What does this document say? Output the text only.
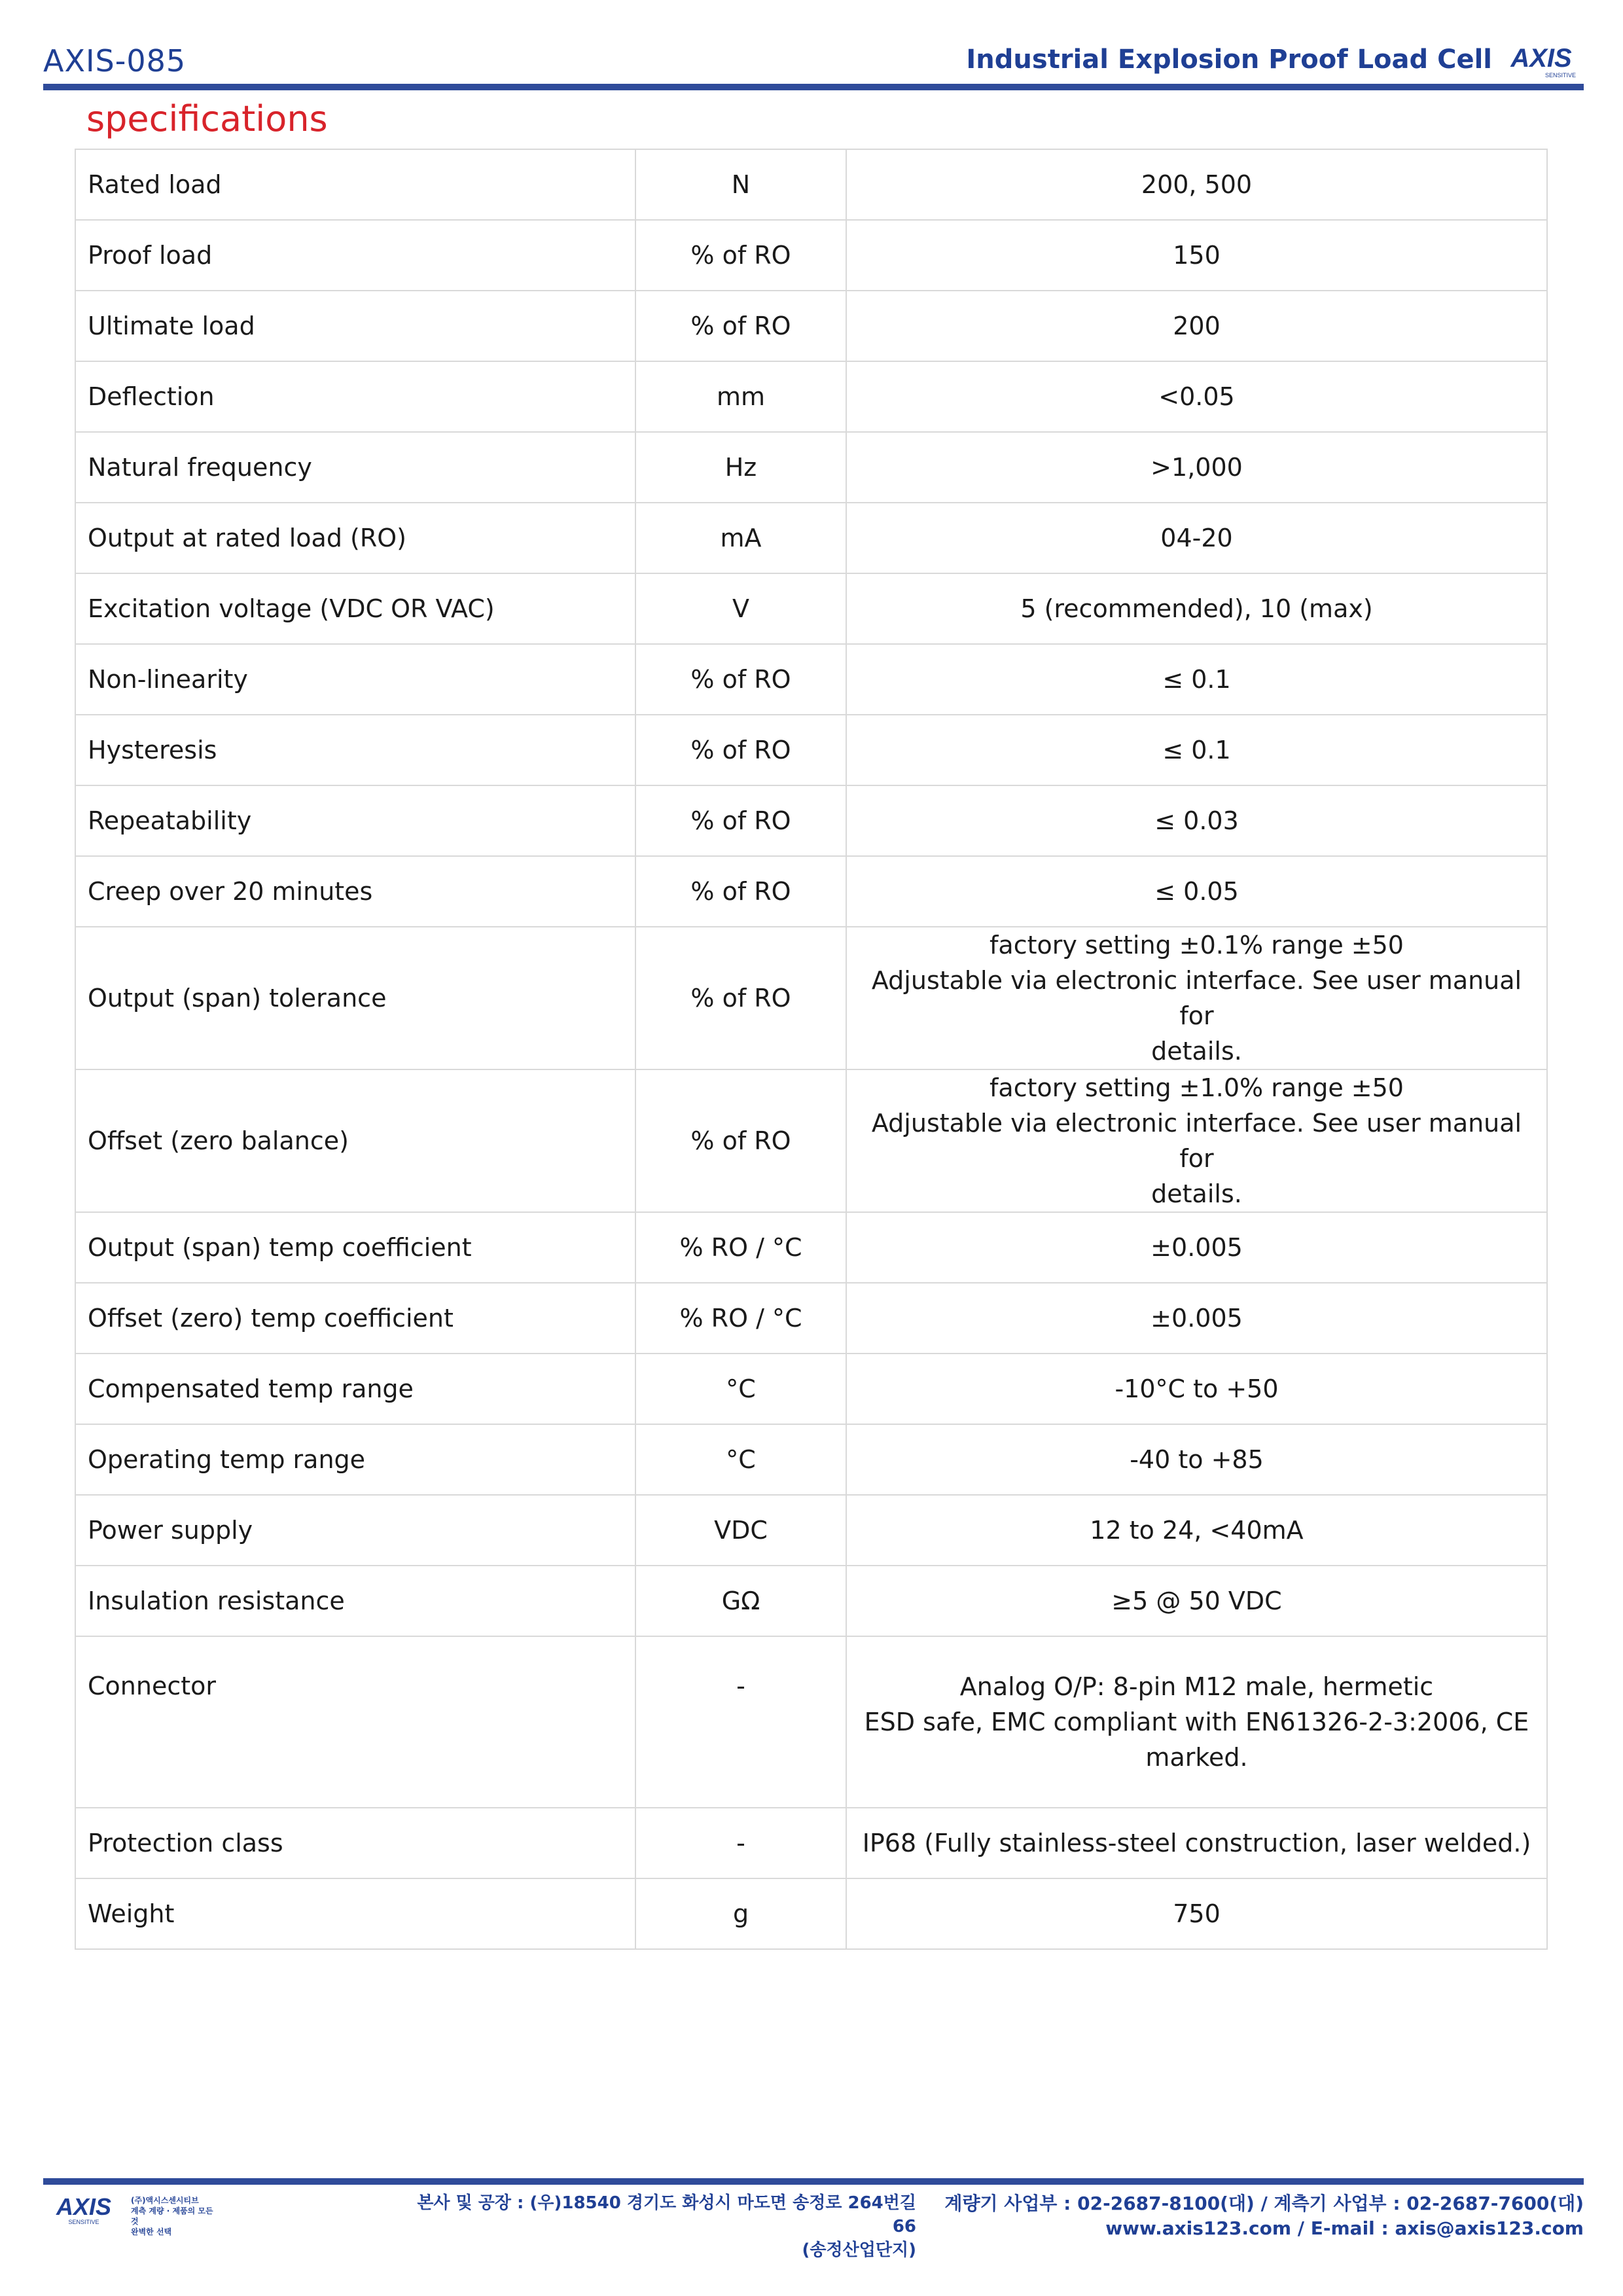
AXIS-085	Industrial Explosion Proof Load Cell AXIS
SENSITIVE
specifications
Rated load	N	200, 500

Proof load	% of RO	150

Ultimate load	% of RO	200

Deflection	mm	<0.05

Natural frequency	Hz	>1,000

Output at rated load (RO)	mA	04-20

Excitation voltage (VDC OR VAC)	V	5 (recommended), 10 (max)

Non-linearity	% of RO	≤ 0.1

Hysteresis	% of RO	≤ 0.1

Repeatability	% of RO	≤ 0.03

Creep over 20 minutes	% of RO	≤ 0.05

Output (span) tolerance	% of RO	factory setting ±0.1% range ±50
Adjustable via electronic interface. See user manual for
details.

Offset (zero balance)	% of RO	factory setting ±1.0% range ±50
Adjustable via electronic interface. See user manual for
details.

Output (span) temp coefficient	% RO / °C	±0.005

Offset (zero) temp coefficient	% RO / °C	±0.005

Compensated temp range	°C	-10°C to +50

Operating temp range	°C	-40 to +85

Power supply	VDC	12 to 24, <40mA

Insulation resistance	GΩ	≥5 @ 50 VDC

Connector	-	Analog O/P: 8-pin M12 male, hermetic
ESD safe, EMC compliant with EN61326-2-3:2006, CE
marked.

Protection class	-	IP68 (Fully stainless-steel construction, laser welded.)

Weight	g	750
AXIS
SENSITIVE
(주)액시스센시티브
계측 계량 · 제품의 모든 것
완벽한 선택
본사 및 공장 : (우)18540 경기도 화성시 마도면 송정로 264번길 66
(송정산업단지)
계량기 사업부 : 02-2687-8100(대) / 계측기 사업부 : 02-2687-7600(대)
www.axis123.com / E-mail : axis@axis123.com
